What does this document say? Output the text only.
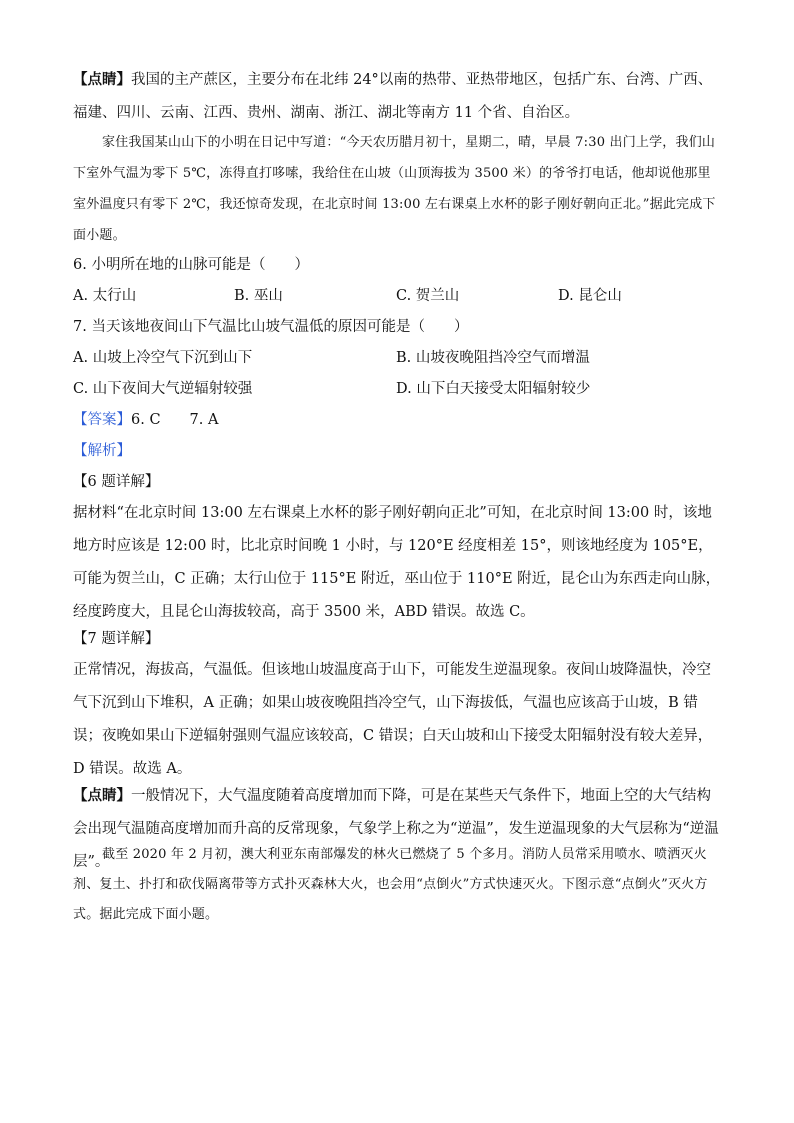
【点睛】我国的主产蔗区，主要分布在北纬 24°以南的热带、亚热带地区，包括广东、台湾、广西、福建、四川、云南、江西、贵州、湖南、浙江、湖北等南方 11 个省、自治区。
家住我国某山山下的小明在日记中写道：“今天农历腊月初十，星期二，晴，早晨 7:30 出门上学，我们山下室外气温为零下 5℃，冻得直打哆嗦，我给住在山坡（山顶海拔为 3500 米）的爷爷打电话，他却说他那里室外温度只有零下 2℃，我还惊奇发现，在北京时间 13:00 左右课桌上水杯的影子刚好朝向正北。”据此完成下面小题。
6. 小明所在地的山脉可能是（　　）
A. 太行山	B. 巫山	C. 贺兰山	D. 昆仑山
7. 当天该地夜间山下气温比山坡气温低的原因可能是（　　）
A. 山坡上冷空气下沉到山下	B. 山坡夜晚阻挡冷空气而增温
C. 山下夜间大气逆辐射较强	D. 山下白天接受太阳辐射较少
【答案】6. C　　7. A
【解析】
【6 题详解】
据材料“在北京时间 13:00 左右课桌上水杯的影子刚好朝向正北”可知，在北京时间 13:00 时，该地地方时应该是 12:00 时，比北京时间晚 1 小时，与 120°E 经度相差 15°，则该地经度为 105°E，可能为贺兰山，C 正确；太行山位于 115°E 附近，巫山位于 110°E 附近，昆仑山为东西走向山脉，经度跨度大，且昆仑山海拔较高，高于 3500 米，ABD 错误。故选 C。
【7 题详解】
正常情况，海拔高，气温低。但该地山坡温度高于山下，可能发生逆温现象。夜间山坡降温快，冷空气下沉到山下堆积，A 正确；如果山坡夜晚阻挡冷空气，山下海拔低，气温也应该高于山坡，B 错误；夜晚如果山下逆辐射强则气温应该较高，C 错误；白天山坡和山下接受太阳辐射没有较大差异，D 错误。故选 A。
【点睛】一般情况下，大气温度随着高度增加而下降，可是在某些天气条件下，地面上空的大气结构会出现气温随高度增加而升高的反常现象，气象学上称之为“逆温”，发生逆温现象的大气层称为“逆温层”。
截至 2020 年 2 月初，澳大利亚东南部爆发的林火已燃烧了 5 个多月。消防人员常采用喷水、喷洒灭火剂、复土、扑打和砍伐隔离带等方式扑灭森林大火，也会用“点倒火”方式快速灭火。下图示意“点倒火”灭火方式。据此完成下面小题。
